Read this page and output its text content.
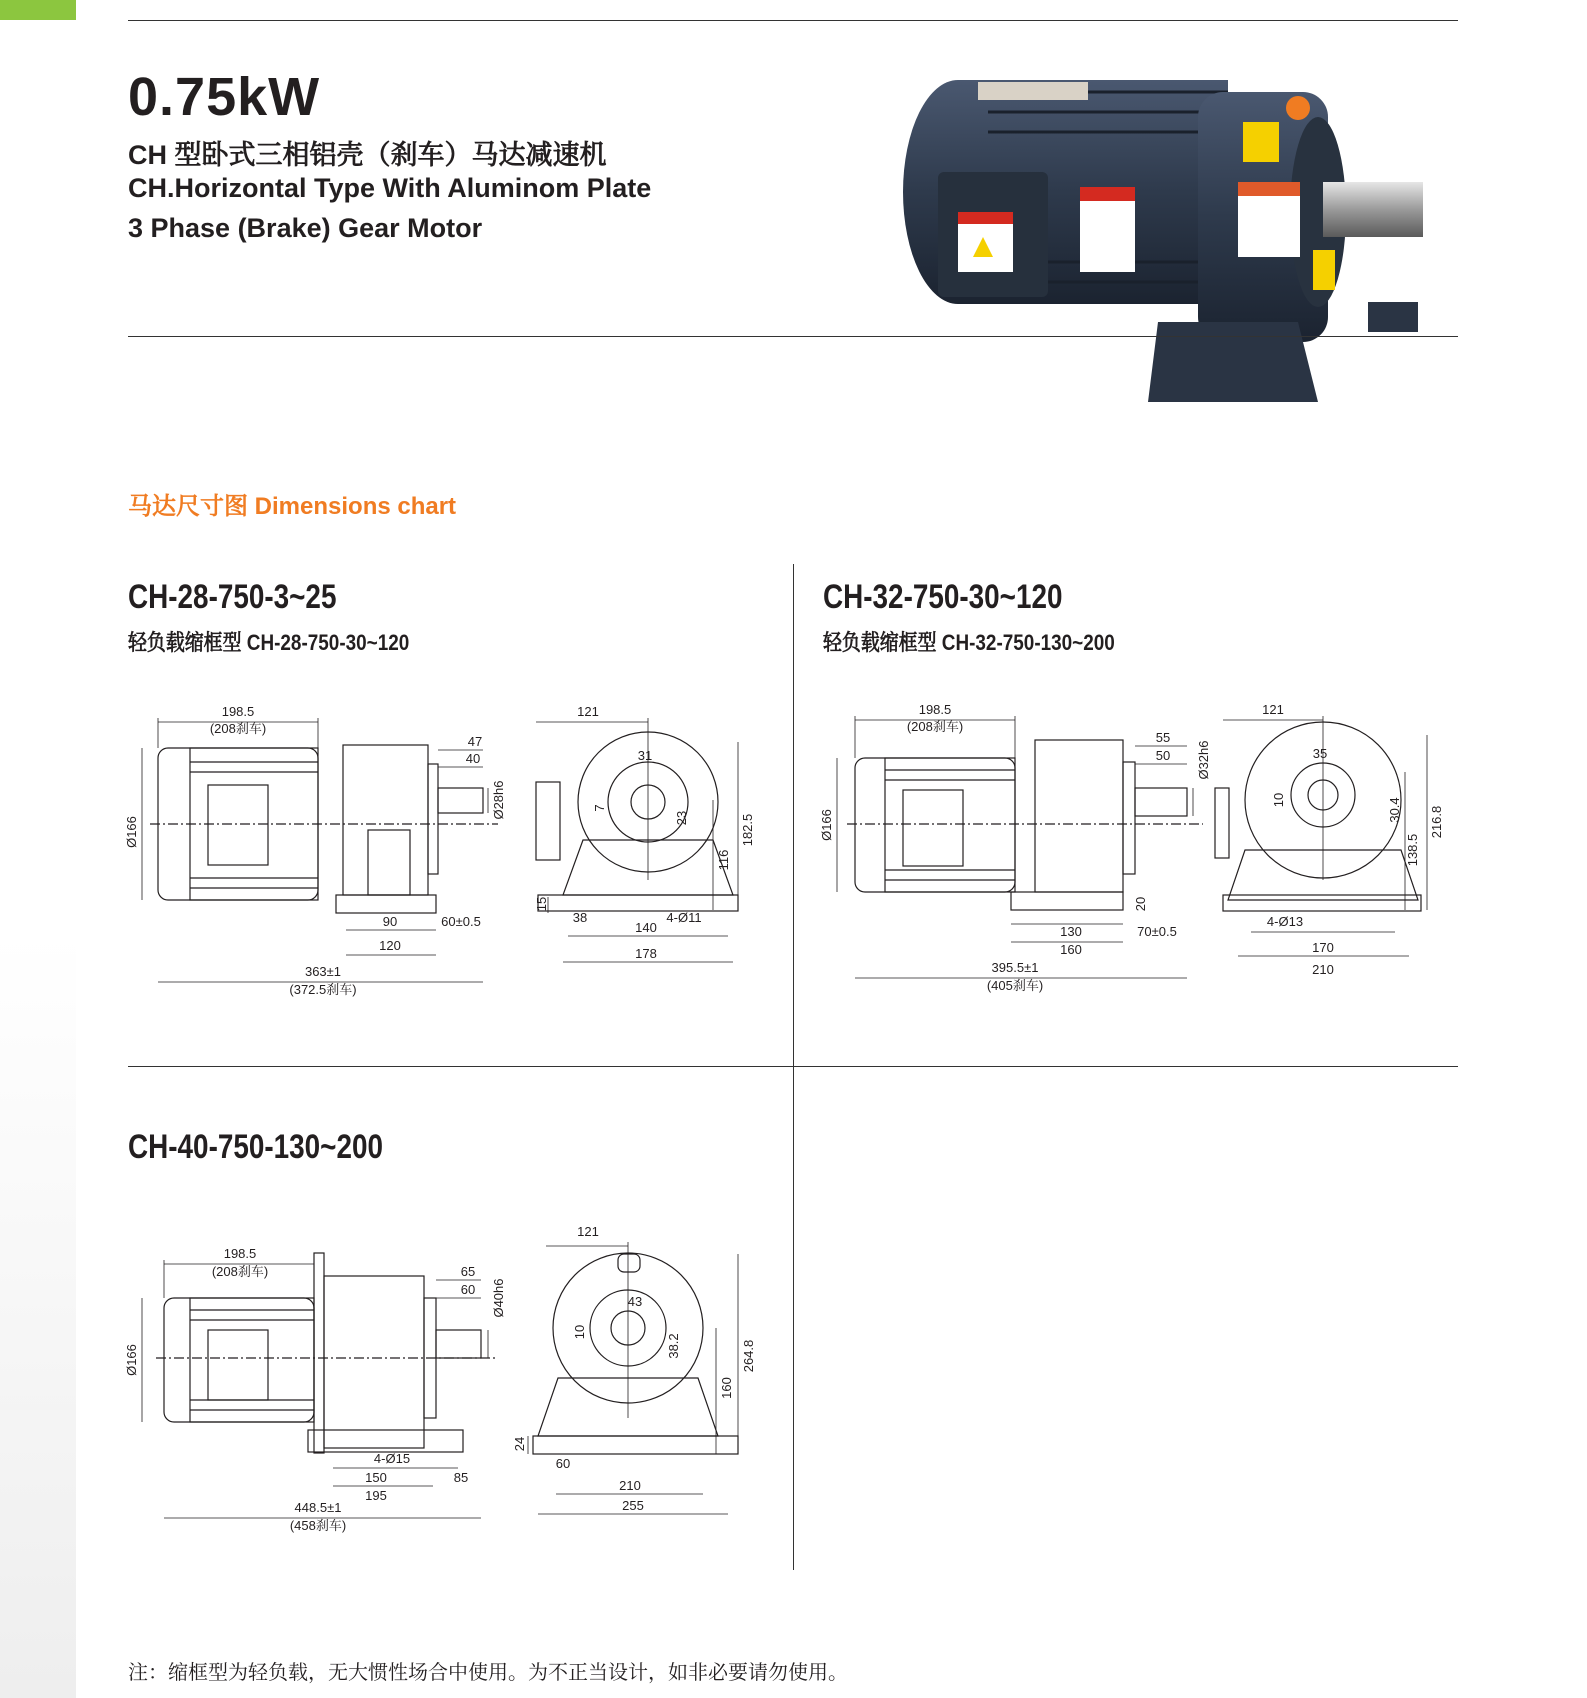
0.75kW
CH 型卧式三相铝壳（刹车）马达减速机
CH.Horizontal Type With Aluminom Plate
3 Phase (Brake) Gear Motor
马达尺寸图 Dimensions chart
CH-28-750-3~25
轻负载缩框型 CH-28-750-30~120
198.5
(208刹车)
Ø166
47
40
Ø28h6
90	60±0.5
120
363±1
(372.5刹车)
121
31
7
23	182.5
116
15
38	4-Ø11
140
178
CH-32-750-30~120
轻负载缩框型 CH-32-750-130~200
198.5
(208刹车)
Ø166
55
50 Ø32h6
20
130	70±0.5
160
395.5±1
(405刹车)
121
35
10	30.4 216.8
138.5
4-Ø13
170
210
CH-40-750-130~200
198.5
(208刹车)
Ø166
65
60 Ø40h6
4-Ø15
150	85
195
448.5±1
(458刹车)
121
43
10
38.2	264.8
160
24
60
210
255
注：缩框型为轻负载，无大惯性场合中使用。为不正当设计，如非必要请勿使用。
